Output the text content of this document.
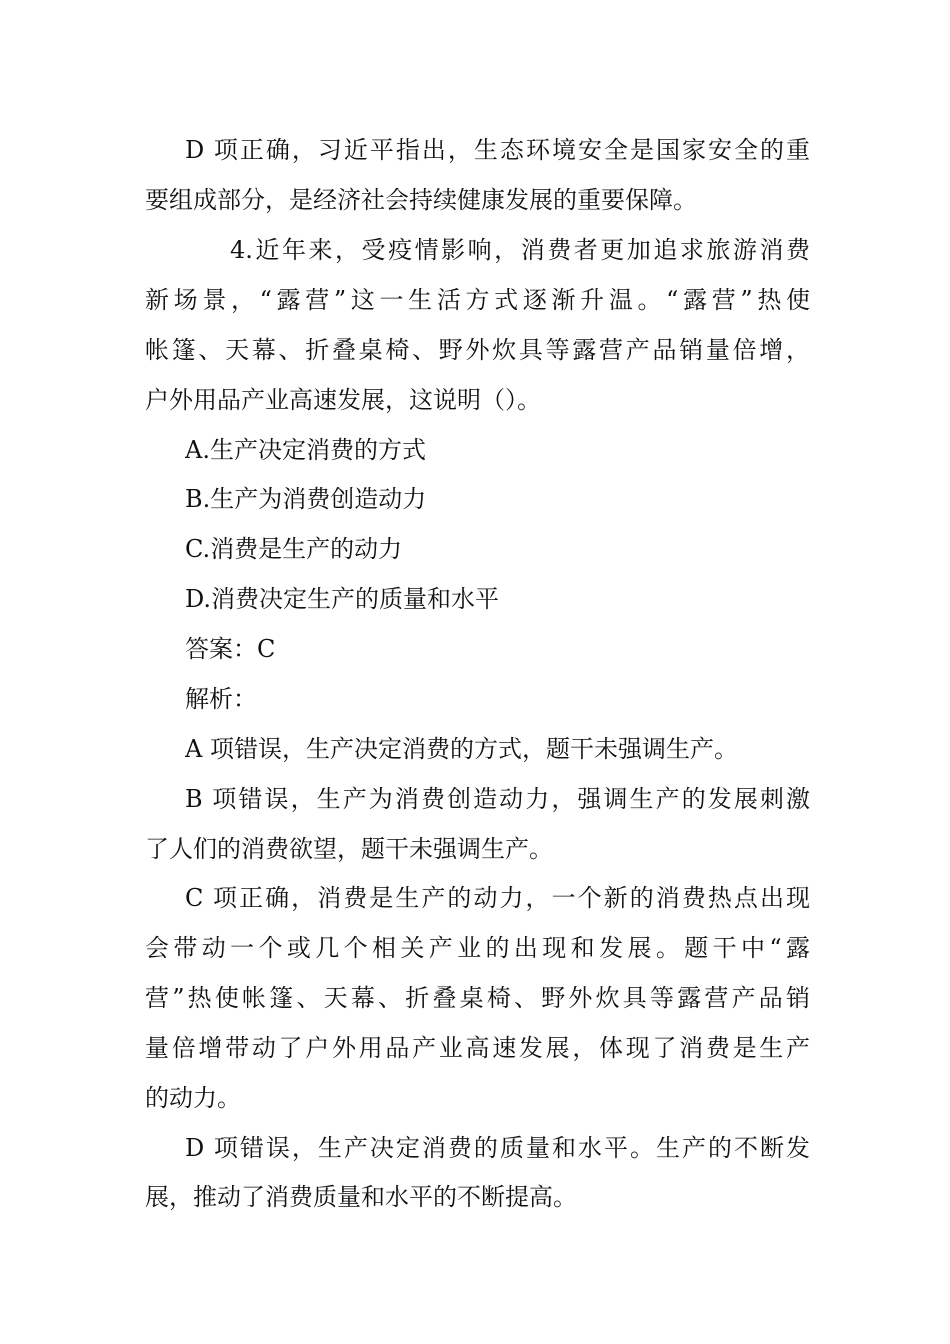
D 项正确，习近平指出，生态环境安全是国家安全的重
要组成部分，是经济社会持续健康发展的重要保障。
4.近年来，受疫情影响，消费者更加追求旅游消费
新场景，“露营”这一生活方式逐渐升温。“露营”热使
帐篷、天幕、折叠桌椅、野外炊具等露营产品销量倍增，
户外用品产业高速发展，这说明（）。
A.生产决定消费的方式
B.生产为消费创造动力
C.消费是生产的动力
D.消费决定生产的质量和水平
答案：C
解析：
A 项错误，生产决定消费的方式，题干未强调生产。
B 项错误，生产为消费创造动力，强调生产的发展刺激
了人们的消费欲望，题干未强调生产。
C 项正确，消费是生产的动力，一个新的消费热点出现
会带动一个或几个相关产业的出现和发展。题干中“露
营”热使帐篷、天幕、折叠桌椅、野外炊具等露营产品销
量倍增带动了户外用品产业高速发展，体现了消费是生产
的动力。
D 项错误，生产决定消费的质量和水平。生产的不断发
展，推动了消费质量和水平的不断提高。
